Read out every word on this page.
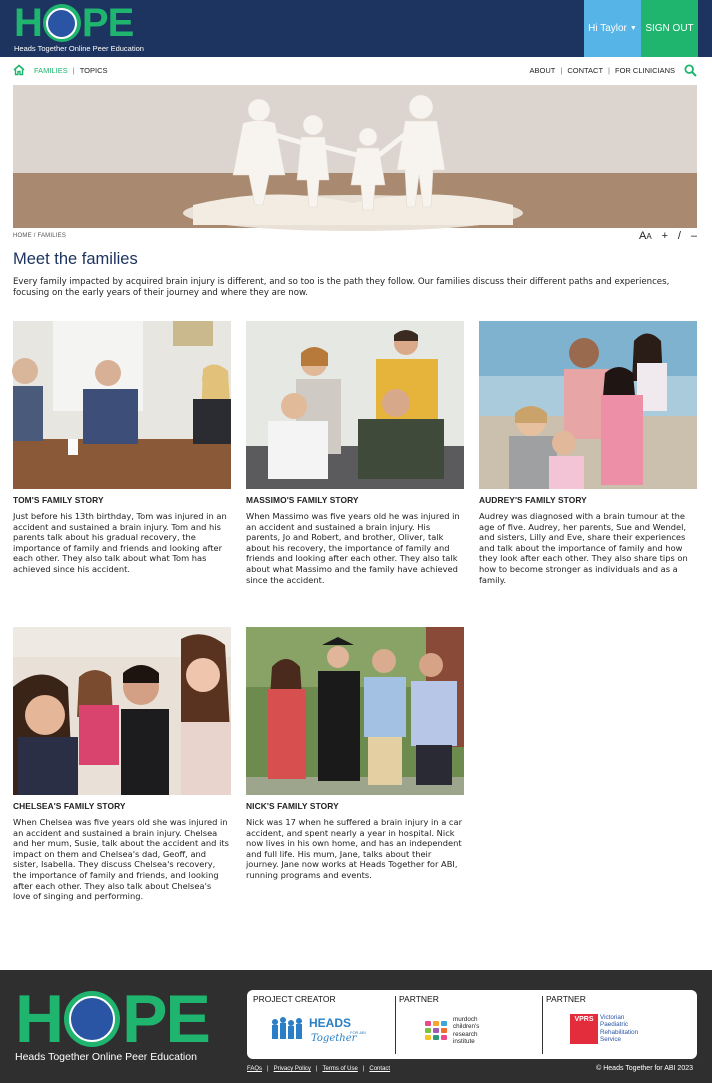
H PE
Heads Together Online Peer Education
Hi Taylor ▼ SIGN OUT
FAMILIES | TOPICS	ABOUT | CONTACT | FOR CLINICIANS
HOME / FAMILIES	AA + / –
Meet the families
Every family impacted by acquired brain injury is different, and so too is the path they follow. Our families discuss their different paths and experiences, focusing on the early years of their journey and where they are now.
TOM'S FAMILY STORY
Just before his 13th birthday, Tom was injured in an accident and sustained a brain injury. Tom and his parents talk about his gradual recovery, the importance of family and friends and looking after each other. They also talk about what Tom has achieved since his accident.
MASSIMO'S FAMILY STORY
When Massimo was five years old he was injured in an accident and sustained a brain injury. His parents, Jo and Robert, and brother, Oliver, talk about his recovery, the importance of family and friends and looking after each other. They also talk about what Massimo and the family have achieved since the accident.
AUDREY'S FAMILY STORY
Audrey was diagnosed with a brain tumour at the age of five. Audrey, her parents, Sue and Wendel, and sisters, Lilly and Eve, share their experiences and talk about the importance of family and how they look after each other. They also share tips on how to become stronger as individuals and as a family.
CHELSEA'S FAMILY STORY
When Chelsea was five years old she was injured in an accident and sustained a brain injury. Chelsea and her mum, Susie, talk about the accident and its impact on them and Chelsea's dad, Geoff, and sister, Isabella. They discuss Chelsea's recovery, the importance of family and friends, and looking after each other. They also talk about Chelsea's love of singing and performing.
NICK'S FAMILY STORY
Nick was 17 when he suffered a brain injury in a car accident, and spent nearly a year in hospital. Nick now lives in his own home, and has an independent and full life. His mum, Jane, talks about their journey. Jane now works at Heads Together for ABI, running programs and events.
H PE
Heads Together Online Peer Education
PROJECT CREATOR
HEADS
Together
FOR ABI
PARTNER
murdoch
children's
research
institute
PARTNER
VPRS	Victorian
Paediatric
Rehabilitation
Service
FAQs | Privacy Policy | Terms of Use | Contact	© Heads Together for ABI 2023
